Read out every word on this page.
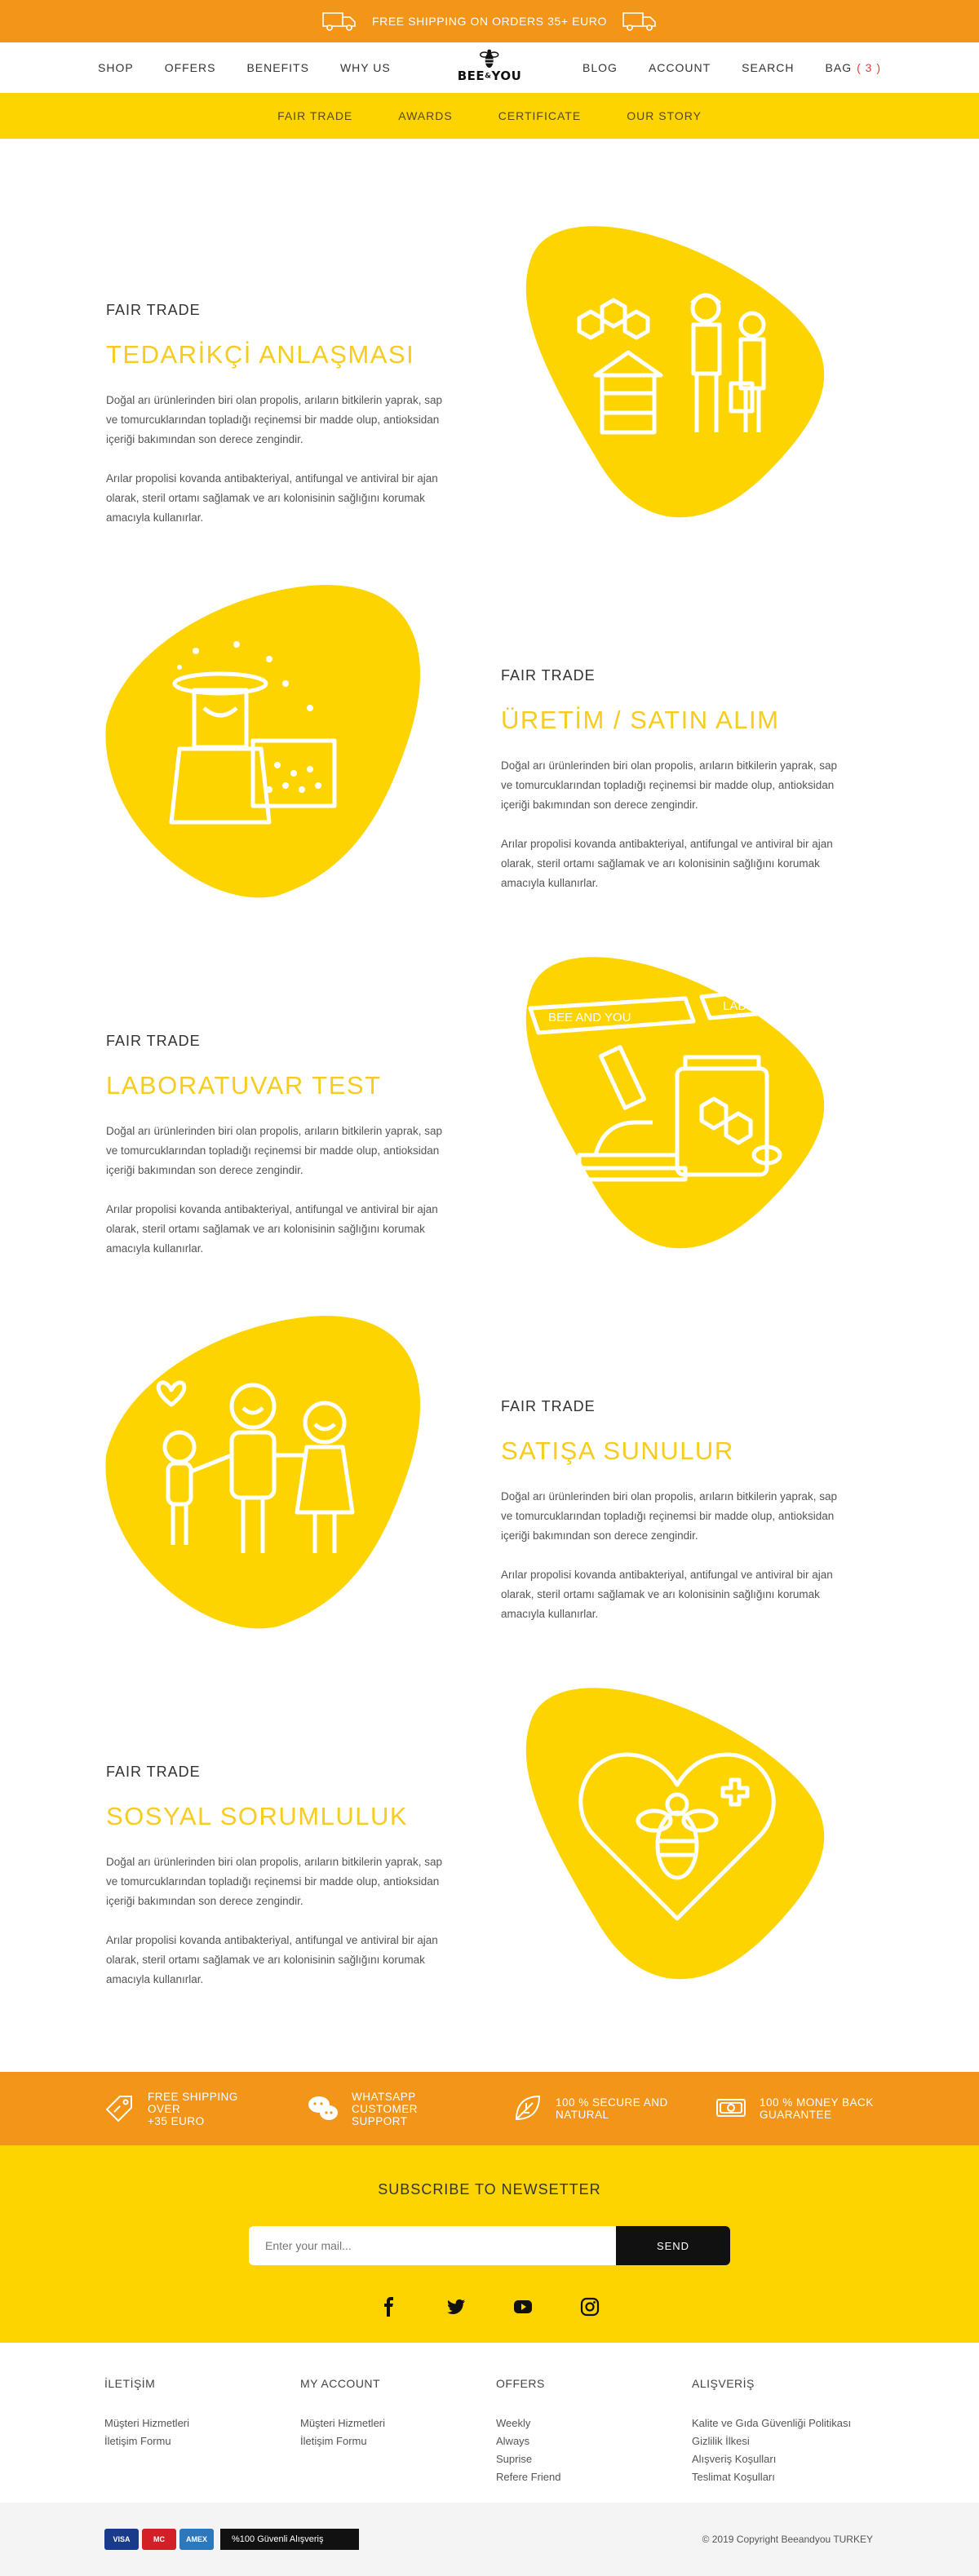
FREE SHIPPING ON ORDERS 35+ EURO
SHOP	OFFERS	BENEFITS	WHY US
BEE&YOU
BLOG	ACCOUNT	SEARCH	BAG ( 3 )
FAIR TRADE	AWARDS	CERTIFICATE	OUR STORY
FAIR TRADE
TEDARİKÇİ ANLAŞMASI

Doğal arı ürünlerinden biri olan propolis, arıların bitkilerin yaprak, sap ve tomurcuklarından topladığı reçinemsi bir madde olup, antioksidan içeriği bakımından son derece zengindir.

Arılar propolisi kovanda antibakteriyal, antifungal ve antiviral bir ajan olarak, steril ortamı sağlamak ve arı kolonisinin sağlığını korumak amacıyla kullanırlar.

FAIR TRADE
ÜRETİM / SATIN ALIM

Doğal arı ürünlerinden biri olan propolis, arıların bitkilerin yaprak, sap ve tomurcuklarından topladığı reçinemsi bir madde olup, antioksidan içeriği bakımından son derece zengindir.

Arılar propolisi kovanda antibakteriyal, antifungal ve antiviral bir ajan olarak, steril ortamı sağlamak ve arı kolonisinin sağlığını korumak amacıyla kullanırlar.

FAIR TRADE
LABORATUVAR TEST

Doğal arı ürünlerinden biri olan propolis, arıların bitkilerin yaprak, sap ve tomurcuklarından topladığı reçinemsi bir madde olup, antioksidan içeriği bakımından son derece zengindir.

Arılar propolisi kovanda antibakteriyal, antifungal ve antiviral bir ajan olarak, steril ortamı sağlamak ve arı kolonisinin sağlığını korumak amacıyla kullanırlar.

BEE AND YOU
LABS
FAIR TRADE
SATIŞA SUNULUR

Doğal arı ürünlerinden biri olan propolis, arıların bitkilerin yaprak, sap ve tomurcuklarından topladığı reçinemsi bir madde olup, antioksidan içeriği bakımından son derece zengindir.

Arılar propolisi kovanda antibakteriyal, antifungal ve antiviral bir ajan olarak, steril ortamı sağlamak ve arı kolonisinin sağlığını korumak amacıyla kullanırlar.

FAIR TRADE
SOSYAL SORUMLULUK

Doğal arı ürünlerinden biri olan propolis, arıların bitkilerin yaprak, sap ve tomurcuklarından topladığı reçinemsi bir madde olup, antioksidan içeriği bakımından son derece zengindir.

Arılar propolisi kovanda antibakteriyal, antifungal ve antiviral bir ajan olarak, steril ortamı sağlamak ve arı kolonisinin sağlığını korumak amacıyla kullanırlar.

FREE SHIPPING OVER
+35 EURO
WHATSAPP
CUSTOMER SUPPORT
100 % SECURE AND
NATURAL
100 % MONEY BACK
GUARANTEE
SUBSCRIBE TO NEWSETTER
Enter your mail...
SEND
İLETİŞİM
Müşteri Hizmetleri
İletişim Formu
MY ACCOUNT
Müşteri Hizmetleri
İletişim Formu
OFFERS
Weekly
Always
Suprise
Refere Friend
ALIŞVERİŞ
Kalite ve Gıda Güvenliği Politikası
Gizlilik İlkesi
Alışveriş Koşulları
Teslimat Koşulları
VISA	MC	AMEX	%100 Güvenli Alışveriş	© 2019 Copyright Beeandyou TURKEY
